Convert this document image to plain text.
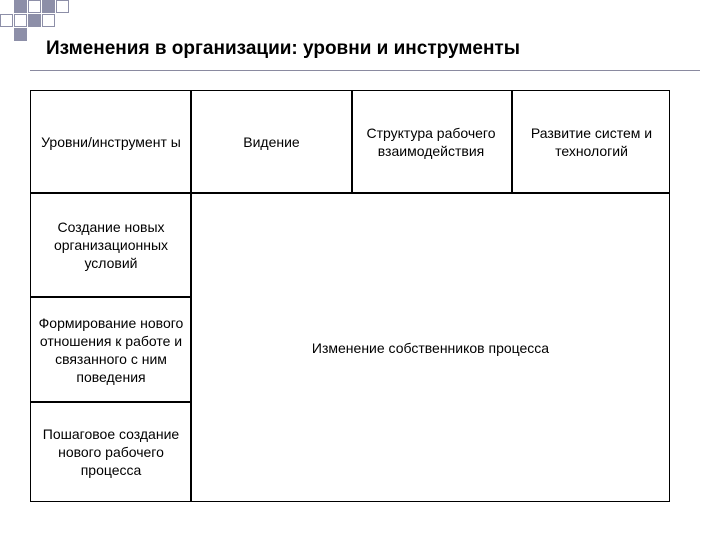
Изменения в организации: уровни и инструменты
Уровни/инструмент ы	Видение
Структура рабочего взаимодействия
Развитие систем и технологий
Создание новых организационных условий
Формирование нового отношения к работе и связанного с ним поведения
Пошаговое создание нового рабочего процесса
Изменение собственников процесса
